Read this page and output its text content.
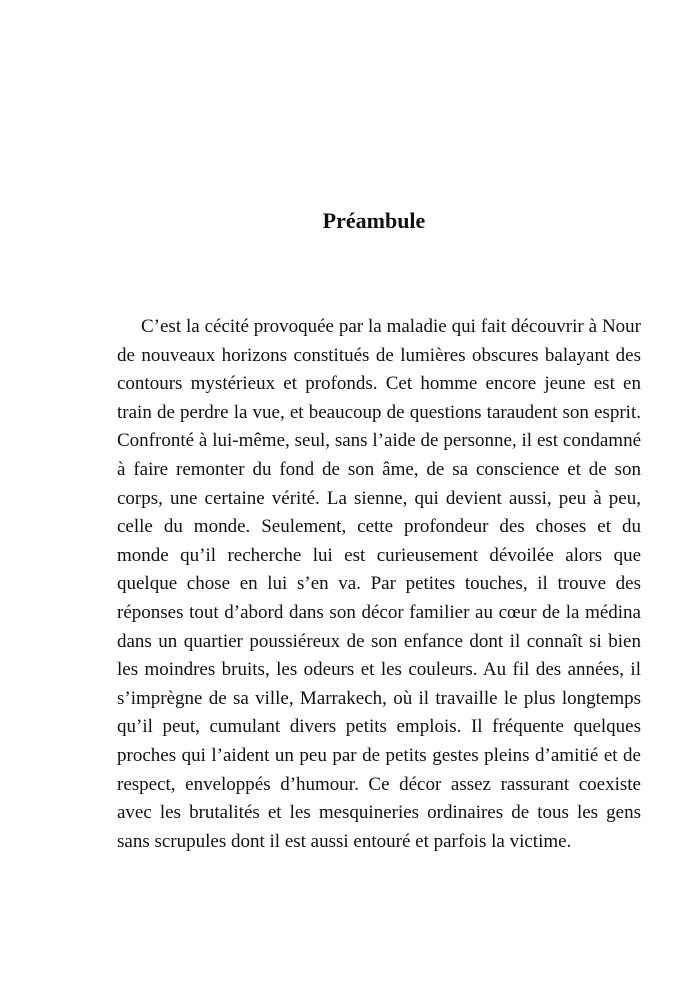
Préambule

C’est la cécité provoquée par la maladie qui fait découvrir à Nour de nouveaux horizons constitués de lumières obscures balayant des contours mystérieux et profonds. Cet homme encore jeune est en train de perdre la vue, et beaucoup de questions taraudent son esprit. Confronté à lui-même, seul, sans l’aide de personne, il est condamné à faire remonter du fond de son âme, de sa conscience et de son corps, une certaine vérité. La sienne, qui devient aussi, peu à peu, celle du monde. Seulement, cette profondeur des choses et du monde qu’il recherche lui est curieusement dévoilée alors que quelque chose en lui s’en va. Par petites touches, il trouve des réponses tout d’abord dans son décor familier au cœur de la médina dans un quartier poussiéreux de son enfance dont il connaît si bien les moindres bruits, les odeurs et les couleurs. Au fil des années, il s’imprègne de sa ville, Marrakech, où il travaille le plus longtemps qu’il peut, cumulant divers petits emplois. Il fréquente quelques proches qui l’aident un peu par de petits gestes pleins d’amitié et de respect, enveloppés d’humour. Ce décor assez rassurant coexiste avec les brutalités et les mesquineries ordinaires de tous les gens sans scrupules dont il est aussi entouré et parfois la victime.
